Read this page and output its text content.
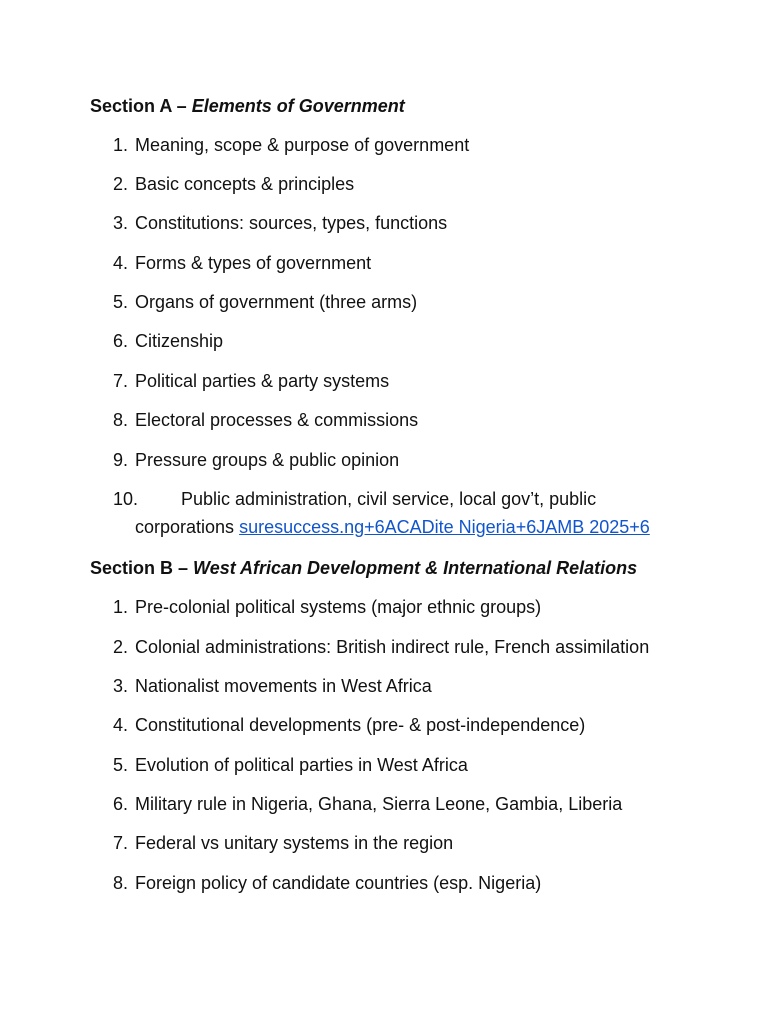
Section A – Elements of Government
1. Meaning, scope & purpose of government
2. Basic concepts & principles
3. Constitutions: sources, types, functions
4. Forms & types of government
5. Organs of government (three arms)
6. Citizenship
7. Political parties & party systems
8. Electoral processes & commissions
9. Pressure groups & public opinion
10. Public administration, civil service, local gov’t, public
corporations suresuccess.ng+6ACADite Nigeria+6JAMB 2025+6
Section B – West African Development & International Relations
1. Pre-colonial political systems (major ethnic groups)
2. Colonial administrations: British indirect rule, French assimilation
3. Nationalist movements in West Africa
4. Constitutional developments (pre- & post-independence)
5. Evolution of political parties in West Africa
6. Military rule in Nigeria, Ghana, Sierra Leone, Gambia, Liberia
7. Federal vs unitary systems in the region
8. Foreign policy of candidate countries (esp. Nigeria)
